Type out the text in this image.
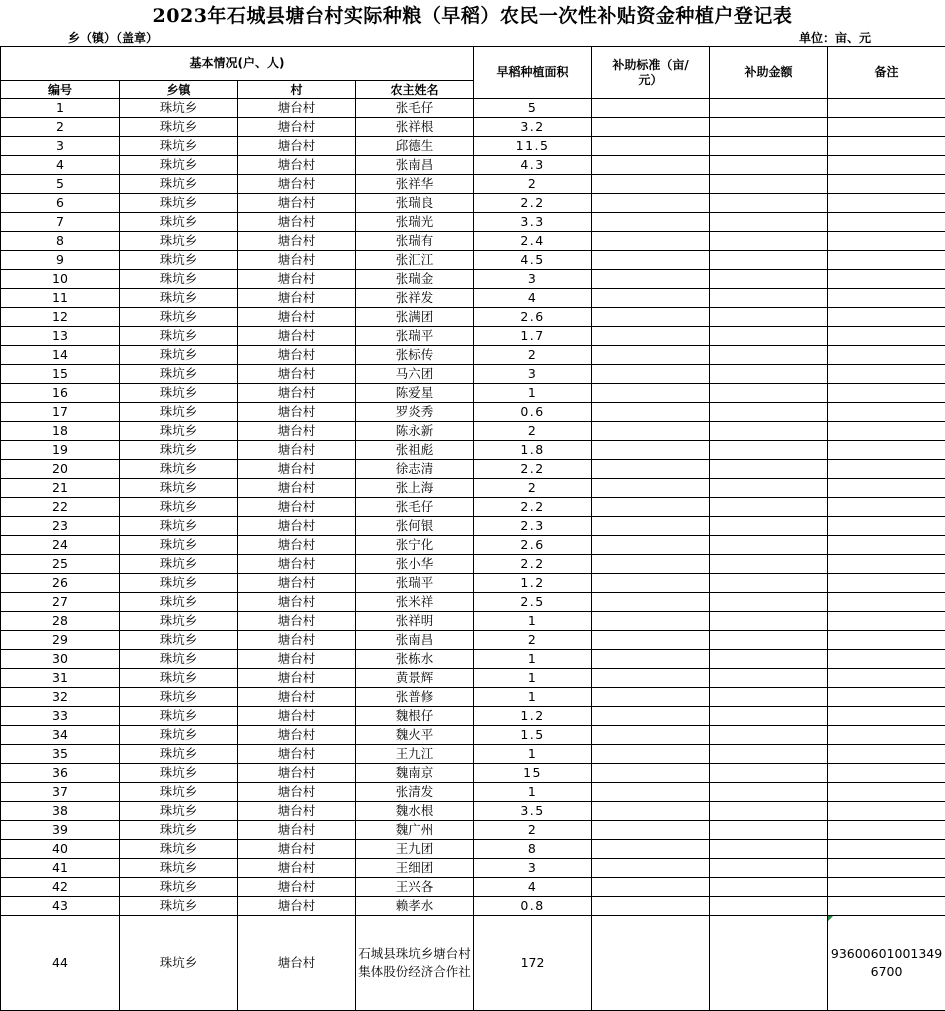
2023年石城县塘台村实际种粮（早稻）农民一次性补贴资金种植户登记表
乡（镇）（盖章）	单位：亩、元
基本情况(户、人)				早稻种植面积	补助标准（亩/元）	补助金额	备注
编号	乡镇	村	农主姓名				
1	珠坑乡	塘台村	张毛仔	5			
2	珠坑乡	塘台村	张祥根	3.2			
3	珠坑乡	塘台村	邱德生	11.5			
4	珠坑乡	塘台村	张南昌	4.3			
5	珠坑乡	塘台村	张祥华	2			
6	珠坑乡	塘台村	张瑞良	2.2			
7	珠坑乡	塘台村	张瑞光	3.3			
8	珠坑乡	塘台村	张瑞有	2.4			
9	珠坑乡	塘台村	张汇江	4.5			
10	珠坑乡	塘台村	张瑞金	3			
11	珠坑乡	塘台村	张祥发	4			
12	珠坑乡	塘台村	张满团	2.6			
13	珠坑乡	塘台村	张瑞平	1.7			
14	珠坑乡	塘台村	张标传	2			
15	珠坑乡	塘台村	马六团	3			
16	珠坑乡	塘台村	陈爱星	1			
17	珠坑乡	塘台村	罗炎秀	0.6			
18	珠坑乡	塘台村	陈永新	2			
19	珠坑乡	塘台村	张祖彪	1.8			
20	珠坑乡	塘台村	徐志清	2.2			
21	珠坑乡	塘台村	张上海	2			
22	珠坑乡	塘台村	张毛仔	2.2			
23	珠坑乡	塘台村	张何银	2.3			
24	珠坑乡	塘台村	张宁化	2.6			
25	珠坑乡	塘台村	张小华	2.2			
26	珠坑乡	塘台村	张瑞平	1.2			
27	珠坑乡	塘台村	张米祥	2.5			
28	珠坑乡	塘台村	张祥明	1			
29	珠坑乡	塘台村	张南昌	2			
30	珠坑乡	塘台村	张栋水	1			
31	珠坑乡	塘台村	黄景辉	1			
32	珠坑乡	塘台村	张普修	1			
33	珠坑乡	塘台村	魏根仔	1.2			
34	珠坑乡	塘台村	魏火平	1.5			
35	珠坑乡	塘台村	王九江	1			
36	珠坑乡	塘台村	魏南京	15			
37	珠坑乡	塘台村	张清发	1			
38	珠坑乡	塘台村	魏水根	3.5			
39	珠坑乡	塘台村	魏广州	2			
40	珠坑乡	塘台村	王九团	8			
41	珠坑乡	塘台村	王细团	3			
42	珠坑乡	塘台村	王兴各	4			
43	珠坑乡	塘台村	赖孝水	0.8			
44	珠坑乡	塘台村	石城县珠坑乡塘台村集体股份经济合作社	172			936006010013496700
